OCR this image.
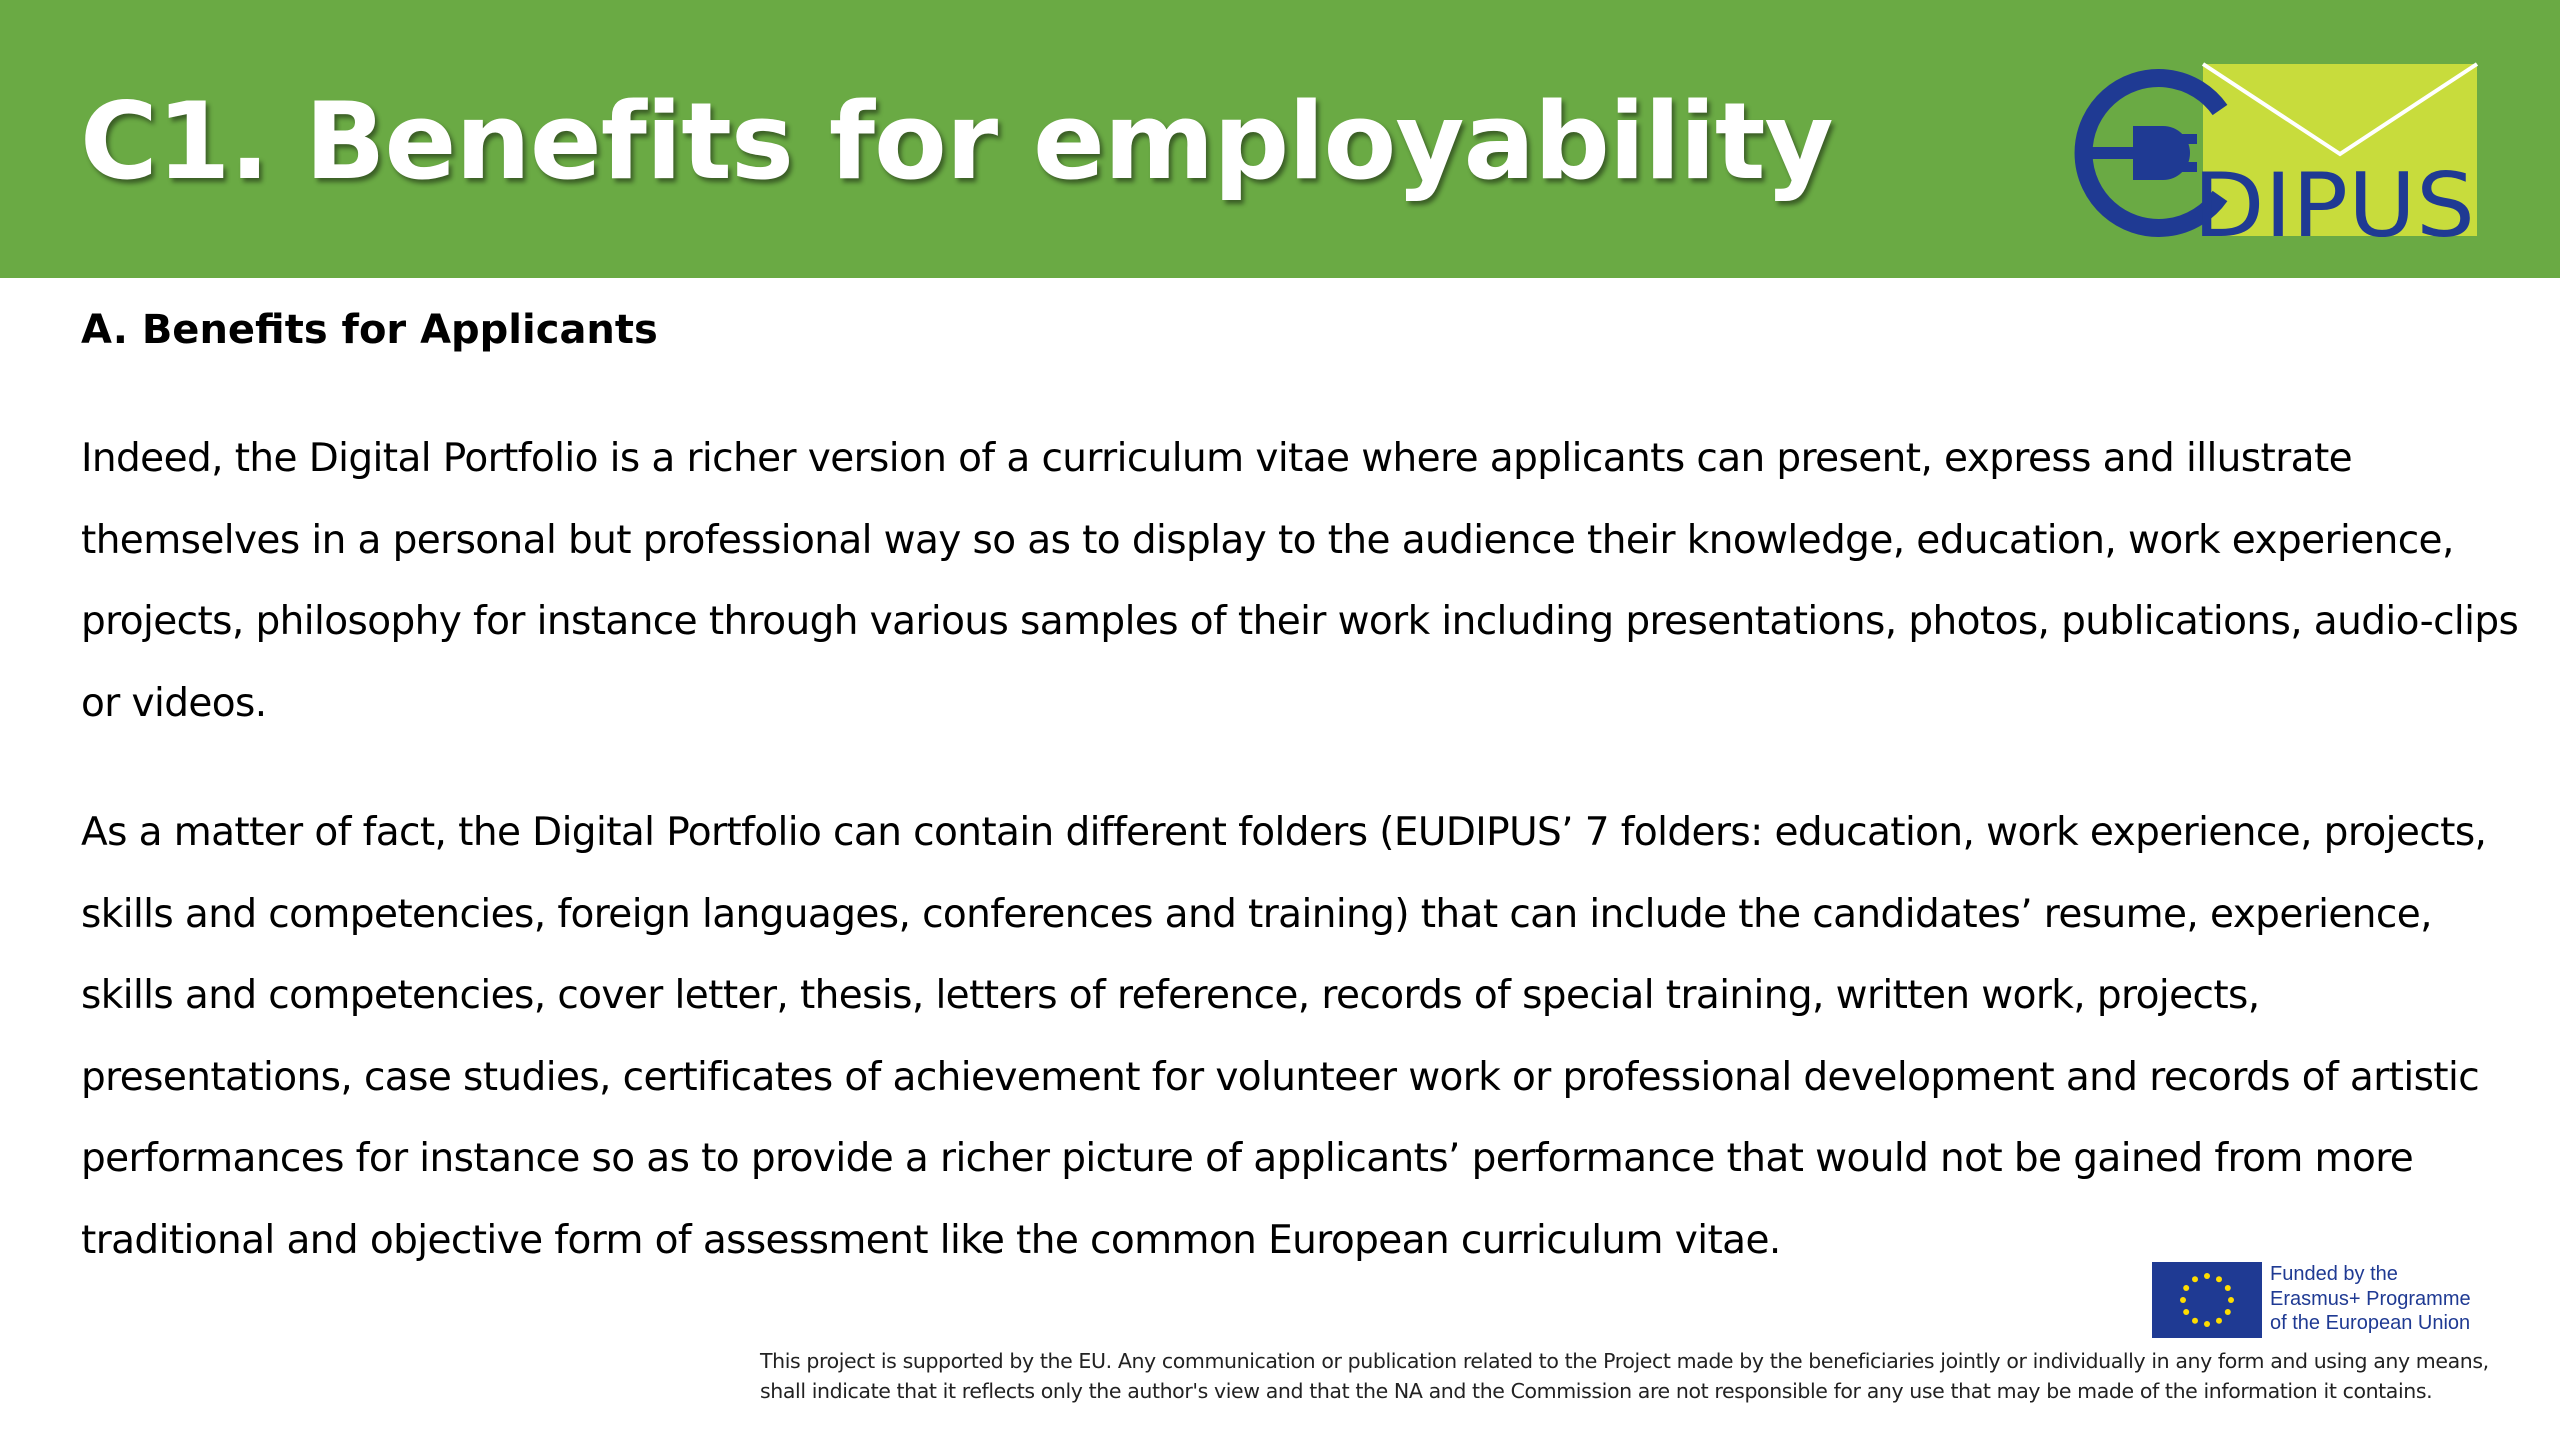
C1. Benefits for employability
DIPUS
A. Benefits for Applicants

Indeed, the Digital Portfolio is a richer version of a curriculum vitae where applicants can present, express and illustrate themselves in a personal but professional way so as to display to the audience their knowledge, education, work experience, projects, philosophy for instance through various samples of their work including presentations, photos, publications, audio-clips or videos.

As a matter of fact, the Digital Portfolio can contain different folders (EUDIPUS’ 7 folders: education, work experience, projects, skills and competencies, foreign languages, conferences and training) that can include the candidates’ resume, experience, skills and competencies, cover letter, thesis, letters of reference, records of special training, written work, projects, presentations, case studies, certificates of achievement for volunteer work or professional development and records of artistic performances for instance so as to provide a richer picture of applicants’ performance that would not be gained from more traditional and objective form of assessment like the common European curriculum vitae.

Funded by the
Erasmus+ Programme
of the European Union
This project is supported by the EU. Any communication or publication related to the Project made by the beneficiaries jointly or individually in any form and using any means,
shall indicate that it reflects only the author's view and that the NA and the Commission are not responsible for any use that may be made of the information it contains.
